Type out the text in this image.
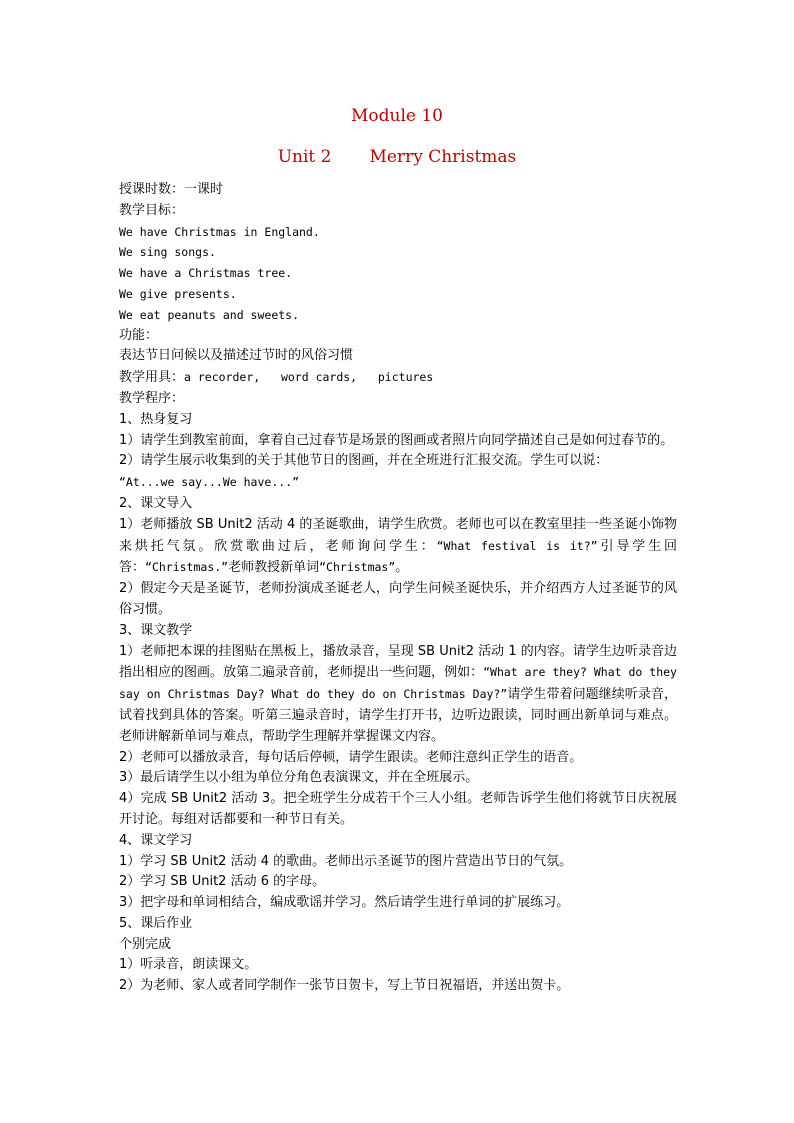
Module 10
Unit 2 Merry Christmas

授课时数：一课时

教学目标：

We have Christmas in England.

We sing songs.

We have a Christmas tree.

We give presents.

We eat peanuts and sweets.

功能：

表达节日问候以及描述过节时的风俗习惯

教学用具：a recorder,   word cards,   pictures

教学程序：

1、热身复习

1）请学生到教室前面，拿着自己过春节是场景的图画或者照片向同学描述自己是如何过春节的。

2）请学生展示收集到的关于其他节日的图画，并在全班进行汇报交流。学生可以说：
“At...we say...We have...”

2、课文导入

1）老师播放 SB Unit2 活动 4 的圣诞歌曲，请学生欣赏。老师也可以在教室里挂一些圣诞小饰物来烘托气氛。欣赏歌曲过后，老师询问学生：“What festival is it?”引导学生回答：“Christmas.”老师教授新单词“Christmas”。

2）假定今天是圣诞节，老师扮演成圣诞老人，向学生问候圣诞快乐，并介绍西方人过圣诞节的风俗习惯。

3、课文教学

1）老师把本课的挂图贴在黑板上，播放录音，呈现 SB Unit2 活动 1 的内容。请学生边听录音边指出相应的图画。放第二遍录音前，老师提出一些问题，例如：“What are they? What do they say on Christmas Day? What do they do on Christmas Day?”请学生带着问题继续听录音，试着找到具体的答案。听第三遍录音时，请学生打开书，边听边跟读，同时画出新单词与难点。老师讲解新单词与难点，帮助学生理解并掌握课文内容。

2）老师可以播放录音，每句话后停顿，请学生跟读。老师注意纠正学生的语音。

3）最后请学生以小组为单位分角色表演课文，并在全班展示。

4）完成 SB Unit2 活动 3。把全班学生分成若干个三人小组。老师告诉学生他们将就节日庆祝展开讨论。每组对话都要和一种节日有关。

4、课文学习

1）学习 SB Unit2 活动 4 的歌曲。老师出示圣诞节的图片营造出节日的气氛。

2）学习 SB Unit2 活动 6 的字母。

3）把字母和单词相结合，编成歌谣并学习。然后请学生进行单词的扩展练习。

5、课后作业

个别完成

1）听录音，朗读课文。

2）为老师、家人或者同学制作一张节日贺卡，写上节日祝福语，并送出贺卡。
